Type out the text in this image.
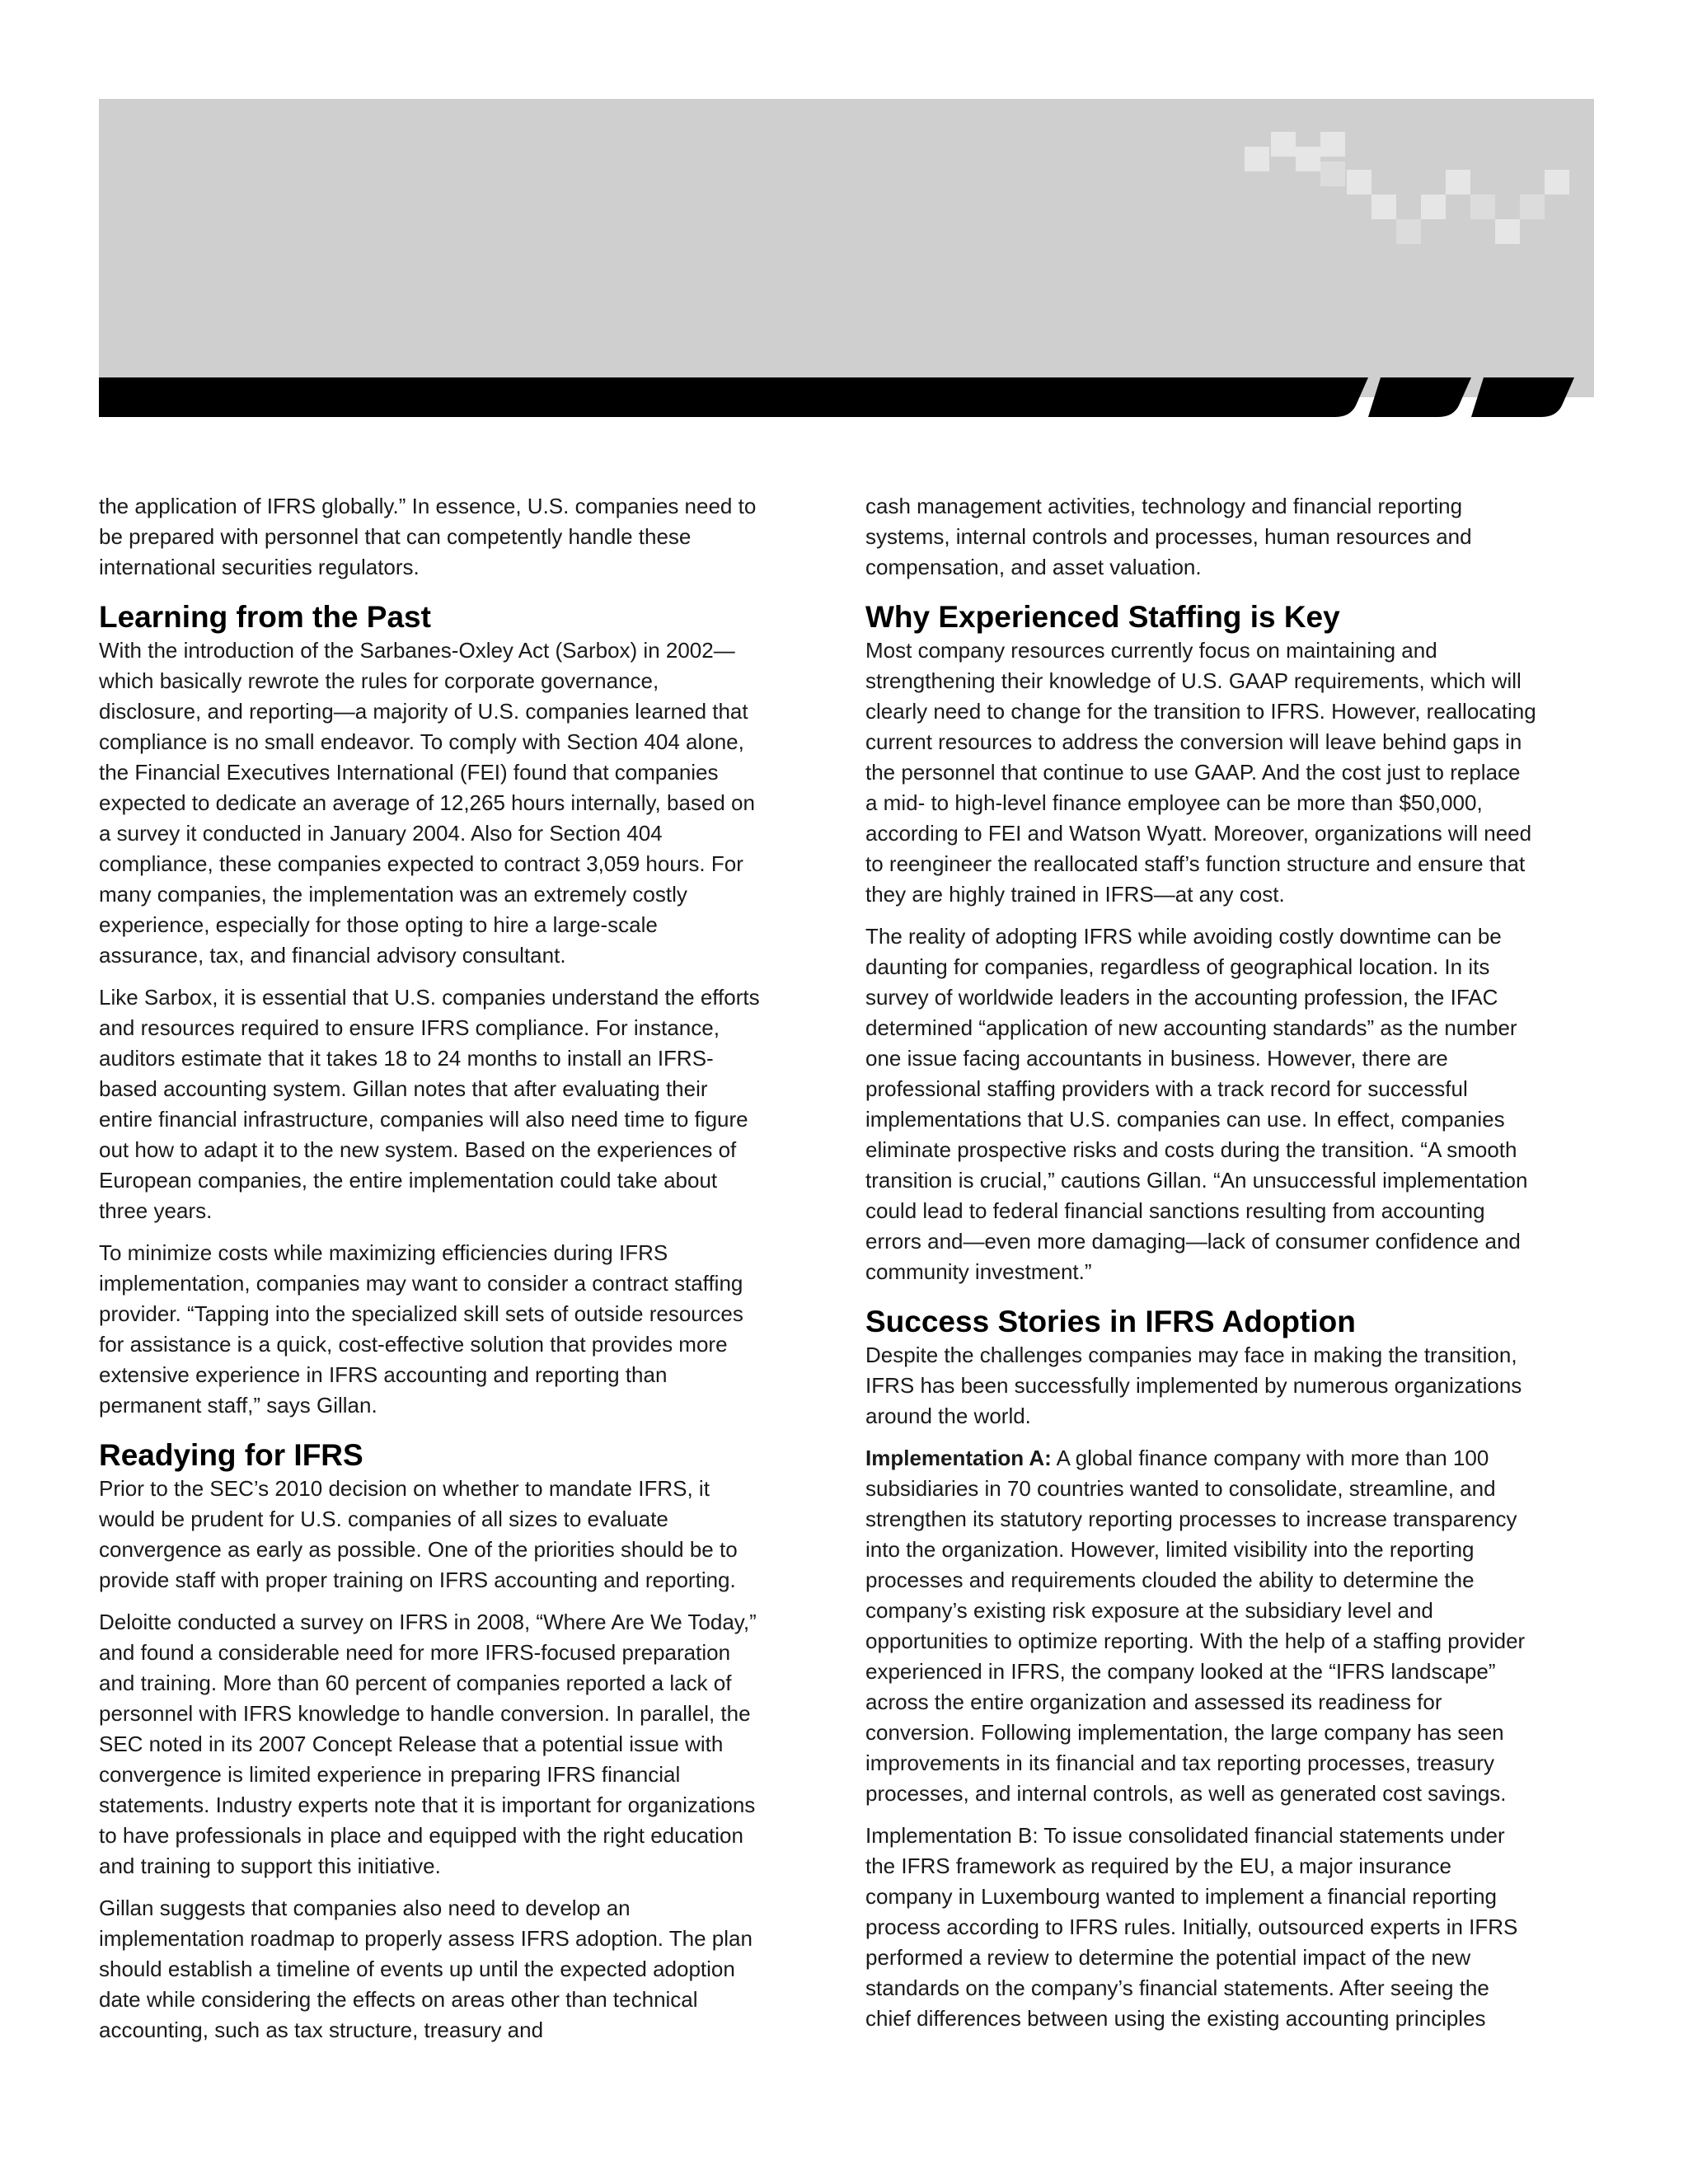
the application of IFRS globally.” In essence, U.S. companies need to be prepared with personnel that can competently handle these international securities regulators.

Learning from the Past

With the introduction of the Sarbanes-Oxley Act (Sarbox) in 2002—which basically rewrote the rules for corporate governance, disclosure, and reporting—a majority of U.S. companies learned that compliance is no small endeavor. To comply with Section 404 alone, the Financial Executives International (FEI) found that companies expected to dedicate an average of 12,265 hours internally, based on a survey it conducted in January 2004. Also for Section 404 compliance, these companies expected to contract 3,059 hours. For many companies, the implementation was an extremely costly experience, especially for those opting to hire a large-scale assurance, tax, and financial advisory consultant.

Like Sarbox, it is essential that U.S. companies understand the efforts and resources required to ensure IFRS compliance. For instance, auditors estimate that it takes 18 to 24 months to install an IFRS-based accounting system. Gillan notes that after evaluating their entire financial infrastructure, companies will also need time to figure out how to adapt it to the new system. Based on the experiences of European companies, the entire implementation could take about three years.

To minimize costs while maximizing efficiencies during IFRS implementation, companies may want to consider a contract staffing provider. “Tapping into the specialized skill sets of outside resources for assistance is a quick, cost-effective solution that provides more extensive experience in IFRS accounting and reporting than permanent staff,” says Gillan.

Readying for IFRS

Prior to the SEC’s 2010 decision on whether to mandate IFRS, it would be prudent for U.S. companies of all sizes to evaluate convergence as early as possible. One of the priorities should be to provide staff with proper training on IFRS accounting and reporting.

Deloitte conducted a survey on IFRS in 2008, “Where Are We Today,” and found a considerable need for more IFRS-focused preparation and training. More than 60 percent of companies reported a lack of personnel with IFRS knowledge to handle conversion. In parallel, the SEC noted in its 2007 Concept Release that a potential issue with convergence is limited experience in preparing IFRS financial statements. Industry experts note that it is important for organizations to have professionals in place and equipped with the right education and training to support this initiative.

Gillan suggests that companies also need to develop an implementation roadmap to properly assess IFRS adoption. The plan should establish a timeline of events up until the expected adoption date while considering the effects on areas other than technical accounting, such as tax structure, treasury and

cash management activities, technology and financial reporting systems, internal controls and processes, human resources and compensation, and asset valuation.

Why Experienced Staffing is Key

Most company resources currently focus on maintaining and strengthening their knowledge of U.S. GAAP requirements, which will clearly need to change for the transition to IFRS. However, reallocating current resources to address the conversion will leave behind gaps in the personnel that continue to use GAAP. And the cost just to replace a mid- to high-level finance employee can be more than $50,000, according to FEI and Watson Wyatt. Moreover, organizations will need to reengineer the reallocated staff’s function structure and ensure that they are highly trained in IFRS—at any cost.

The reality of adopting IFRS while avoiding costly downtime can be daunting for companies, regardless of geographical location. In its survey of worldwide leaders in the accounting profession, the IFAC determined “application of new accounting standards” as the number one issue facing accountants in business. However, there are professional staffing providers with a track record for successful implementations that U.S. companies can use. In effect, companies eliminate prospective risks and costs during the transition. “A smooth transition is crucial,” cautions Gillan. “An unsuccessful implementation could lead to federal financial sanctions resulting from accounting errors and—even more damaging—lack of consumer confidence and community investment.”

Success Stories in IFRS Adoption

Despite the challenges companies may face in making the transition, IFRS has been successfully implemented by numerous organizations around the world.

Implementation A: A global finance company with more than 100 subsidiaries in 70 countries wanted to consolidate, streamline, and strengthen its statutory reporting processes to increase transparency into the organization. However, limited visibility into the reporting processes and requirements clouded the ability to determine the company’s existing risk exposure at the subsidiary level and opportunities to optimize reporting. With the help of a staffing provider experienced in IFRS, the company looked at the “IFRS landscape” across the entire organization and assessed its readiness for conversion. Following implementation, the large company has seen improvements in its financial and tax reporting processes, treasury processes, and internal controls, as well as generated cost savings.

Implementation B: To issue consolidated financial statements under the IFRS framework as required by the EU, a major insurance company in Luxembourg wanted to implement a financial reporting process according to IFRS rules. Initially, outsourced experts in IFRS performed a review to determine the potential impact of the new standards on the company’s financial statements. After seeing the chief differences between using the existing accounting principles
